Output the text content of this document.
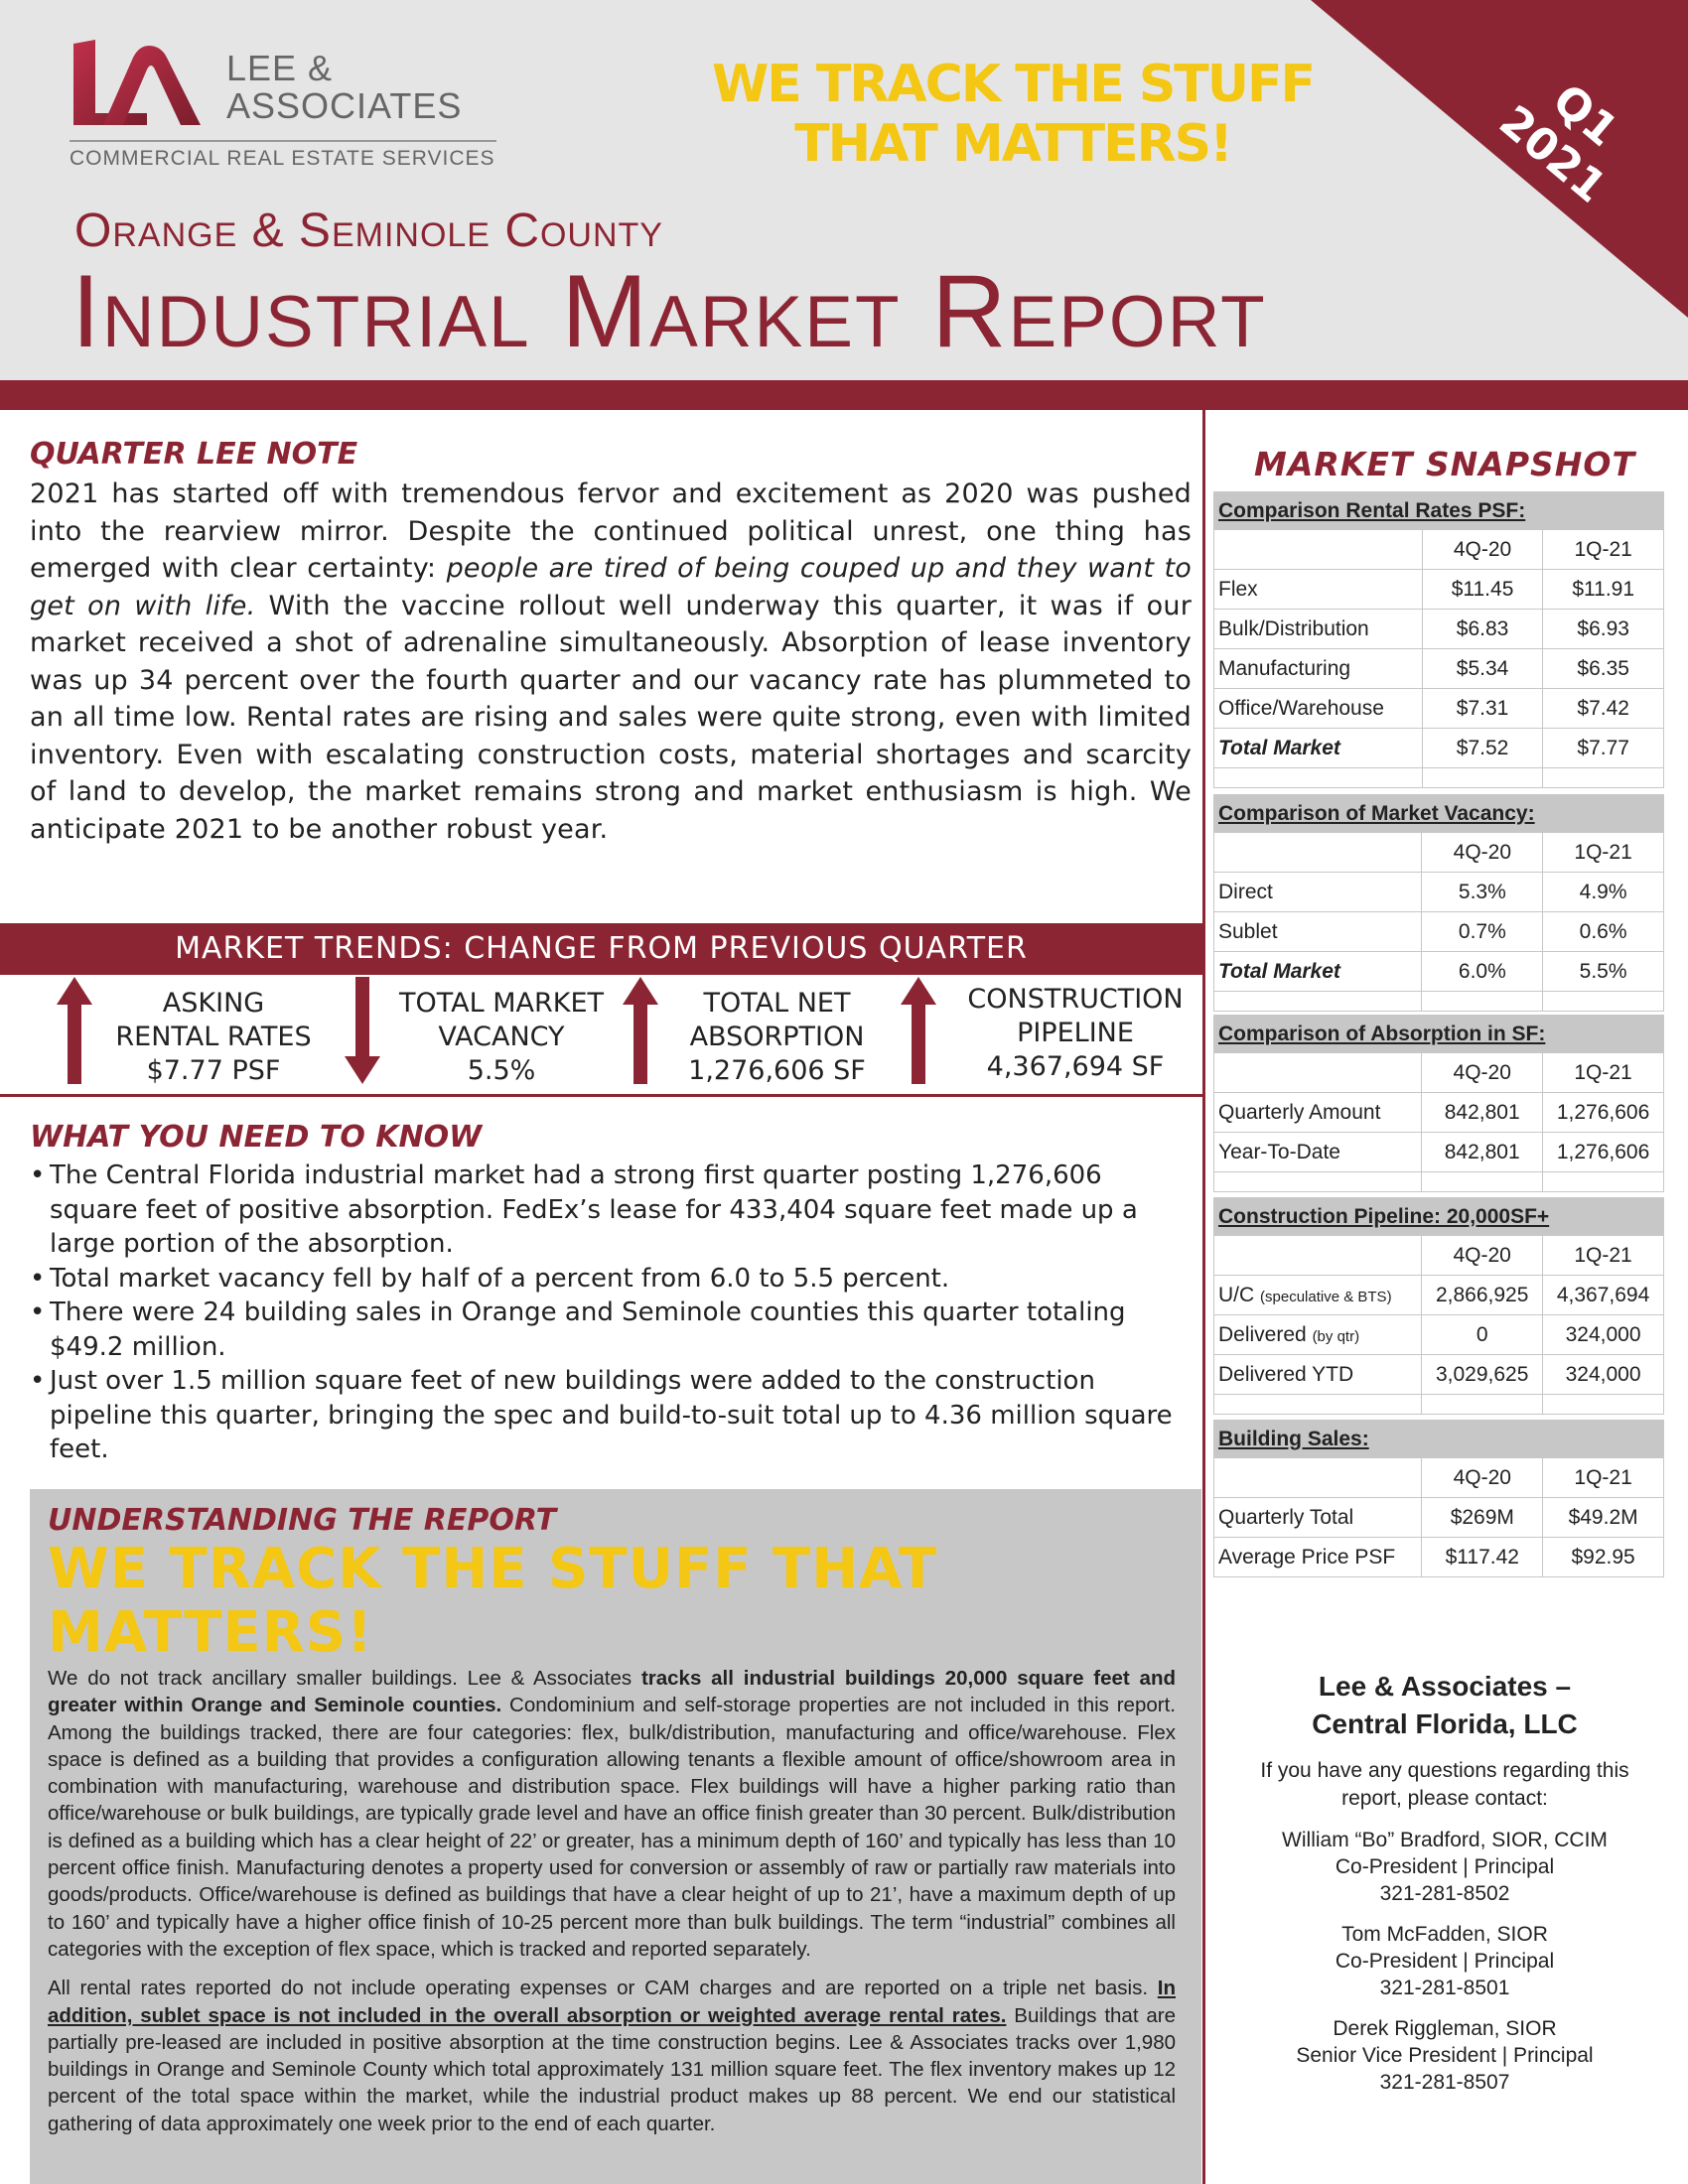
Q1 2021
LEE &
ASSOCIATES
COMMERCIAL REAL ESTATE SERVICES
WE TRACK THE STUFF
THAT MATTERS!
Orange & Seminole County
Industrial Market Report
QUARTER LEE NOTE

2021 has started off with tremendous fervor and excitement as 2020 was pushed into the rearview mirror. Despite the continued political unrest, one thing has emerged with clear certainty: people are tired of being couped up and they want to get on with life. With the vaccine rollout well underway this quarter, it was if our market received a shot of adrenaline simultaneously. Absorption of lease inventory was up 34 percent over the fourth quarter and our vacancy rate has plummeted to an all time low. Rental rates are rising and sales were quite strong, even with limited inventory. Even with escalating construction costs, material shortages and scarcity of land to develop, the market remains strong and market enthusiasm is high. We anticipate 2021 to be another robust year.

MARKET TRENDS: CHANGE FROM PREVIOUS QUARTER
ASKING
RENTAL RATES
$7.77 PSF
TOTAL MARKET
VACANCY
5.5%
TOTAL NET
ABSORPTION
1,276,606 SF
CONSTRUCTION
PIPELINE
4,367,694 SF
WHAT YOU NEED TO KNOW
• The Central Florida industrial market had a strong first quarter posting 1,276,606 square feet of positive absorption. FedEx’s lease for 433,404 square feet made up a large portion of the absorption.
• Total market vacancy fell by half of a percent from 6.0 to 5.5 percent.
• There were 24 building sales in Orange and Seminole counties this quarter totaling $49.2 million.
• Just over 1.5 million square feet of new buildings were added to the construction pipeline this quarter, bringing the spec and build-to-suit total up to 4.36 million square feet.
UNDERSTANDING THE REPORT
WE TRACK THE STUFF THAT MATTERS!

We do not track ancillary smaller buildings. Lee & Associates tracks all industrial buildings 20,000 square feet and greater within Orange and Seminole counties. Condominium and self-storage properties are not included in this report. Among the buildings tracked, there are four categories: flex, bulk/distribution, manufacturing and office/warehouse. Flex space is defined as a building that provides a configuration allowing tenants a flexible amount of office/showroom area in combination with manufacturing, warehouse and distribution space. Flex buildings will have a higher parking ratio than office/warehouse or bulk buildings, are typically grade level and have an office finish greater than 30 percent. Bulk/distribution is defined as a building which has a clear height of 22’ or greater, has a minimum depth of 160’ and typically has less than 10 percent office finish. Manufacturing denotes a property used for conversion or assembly of raw or partially raw materials into goods/products. Office/warehouse is defined as buildings that have a clear height of up to 21’, have a maximum depth of up to 160’ and typically have a higher office finish of 10-25 percent more than bulk buildings. The term “industrial” combines all categories with the exception of flex space, which is tracked and reported separately.

All rental rates reported do not include operating expenses or CAM charges and are reported on a triple net basis. In addition, sublet space is not included in the overall absorption or weighted average rental rates. Buildings that are partially pre-leased are included in positive absorption at the time construction begins. Lee & Associates tracks over 1,980 buildings in Orange and Seminole County which total approximately 131 million square feet. The flex inventory makes up 12 percent of the total space within the market, while the industrial product makes up 88 percent. We end our statistical gathering of data approximately one week prior to the end of each quarter.

MARKET SNAPSHOT
Comparison Rental Rates PSF:		
	4Q-20	1Q-21
Flex	$11.45	$11.91
Bulk/Distribution	$6.83	$6.93
Manufacturing	$5.34	$6.35
Office/Warehouse	$7.31	$7.42
Total Market	$7.52	$7.77

Comparison of Market Vacancy:		
	4Q-20	1Q-21
Direct	5.3%	4.9%
Sublet	0.7%	0.6%
Total Market	6.0%	5.5%

Comparison of Absorption in SF:		
	4Q-20	1Q-21
Quarterly Amount	842,801	1,276,606
Year-To-Date	842,801	1,276,606

Construction Pipeline: 20,000SF+		
	4Q-20	1Q-21
U/C (speculative & BTS)	2,866,925	4,367,694
Delivered (by qtr)	0	324,000
Delivered YTD	3,029,625	324,000

Building Sales:		
	4Q-20	1Q-21
Quarterly Total	$269M	$49.2M
Average Price PSF	$117.42	$92.95
Lee & Associates –
Central Florida, LLC
If you have any questions regarding this
report, please contact:
William “Bo” Bradford, SIOR, CCIM
Co-President | Principal
321-281-8502
Tom McFadden, SIOR
Co-President | Principal
321-281-8501
Derek Riggleman, SIOR
Senior Vice President | Principal
321-281-8507
